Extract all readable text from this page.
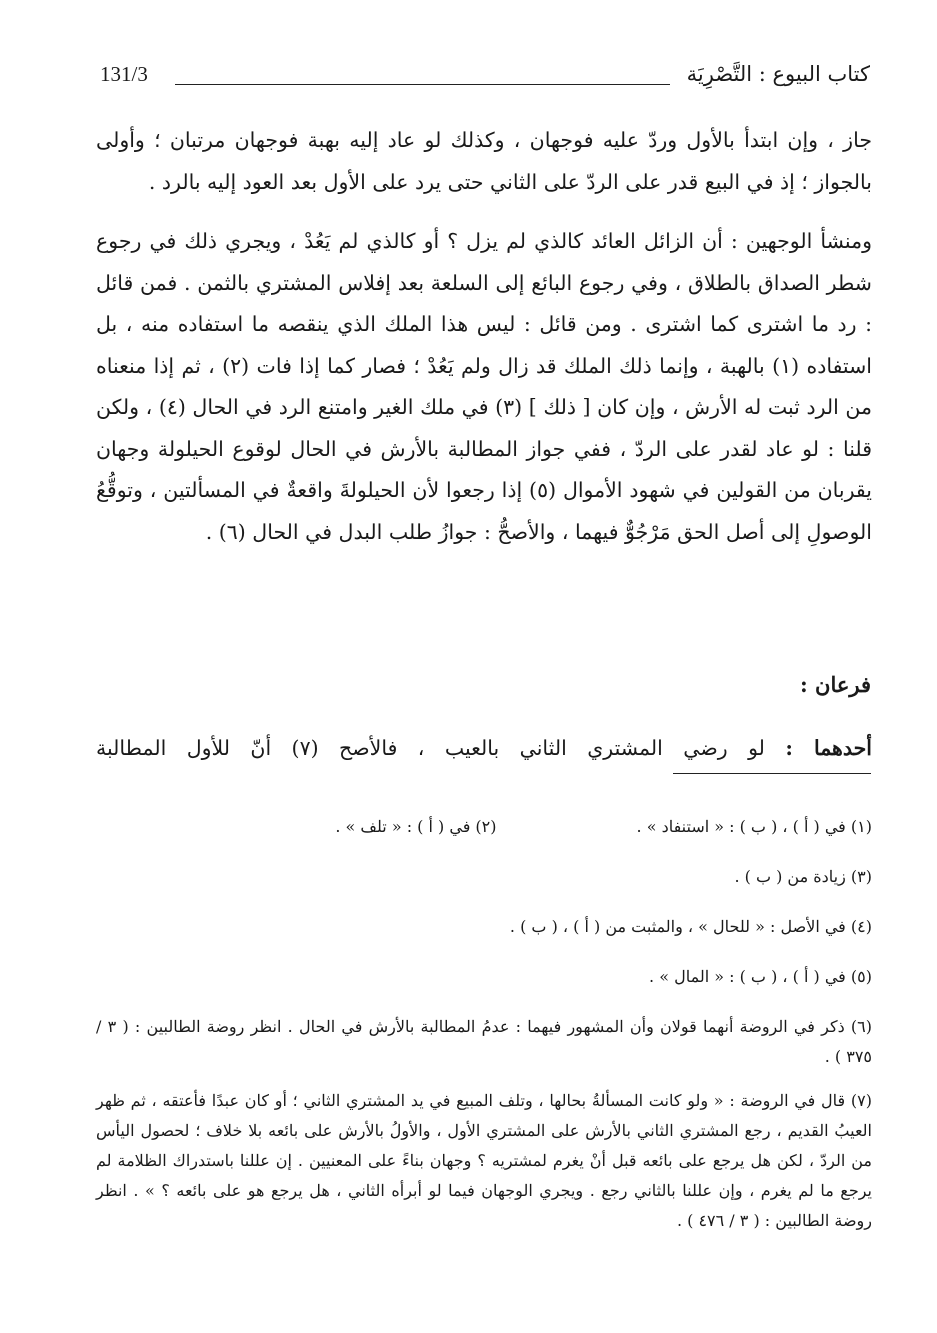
كتاب البيوع : التَّصْرِيَة
131/3

جاز ، وإن ابتدأ بالأول وردّ عليه فوجهان ، وكذلك لو عاد إليه بهبة فوجهان مرتبان ؛ وأولى بالجواز ؛ إذ في البيع قدر على الردّ على الثاني حتى يرد على الأول بعد العود إليه بالرد .

ومنشأ الوجهين : أن الزائل العائد كالذي لم يزل ؟ أو كالذي لم يَعُدْ ، ويجري ذلك في رجوع شطر الصداق بالطلاق ، وفي رجوع البائع إلى السلعة بعد إفلاس المشتري بالثمن . فمن قائل : رد ما اشترى كما اشترى . ومن قائل : ليس هذا الملك الذي ينقصه ما استفاده منه ، بل استفاده (١) بالهبة ، وإنما ذلك الملك قد زال ولم يَعُدْ ؛ فصار كما إذا فات (٢) ، ثم إذا منعناه من الرد ثبت له الأرش ، وإن كان [ ذلك ] (٣) في ملك الغير وامتنع الرد في الحال (٤) ، ولكن قلنا : لو عاد لقدر على الردّ ، ففي جواز المطالبة بالأرش في الحال لوقوع الحيلولة وجهان يقربان من القولين في شهود الأموال (٥) إذا رجعوا لأن الحيلولةَ واقعةٌ في المسألتين ، وتوقُّعُ الوصولِ إلى أصل الحق مَرْجُوٌّ فيهما ، والأصحُّ : جوازُ طلب البدل في الحال (٦) .

فرعان :
أحدهما : لو رضي المشتري الثاني بالعيب ، فالأصح (٧) أنّ للأول المطالبة
(١) في ( أ ) ، ( ب ) : « استنفاد » .
(٢) في ( أ ) : « تلف » .
(٣) زيادة من ( ب ) .
(٤) في الأصل : « للحال » ، والمثبت من ( أ ) ، ( ب ) .
(٥) في ( أ ) ، ( ب ) : « المال » .
(٦) ذكر في الروضة أنهما قولان وأن المشهور فيهما : عدمُ المطالبة بالأرش في الحال . انظر روضة الطالبين : ( ٣ / ٣٧٥ ) .
(٧) قال في الروضة : « ولو كانت المسألةُ بحالها ، وتلف المبيع في يد المشتري الثاني ؛ أو كان عبدًا فأعتقه ، ثم ظهر العيبُ القديم ، رجع المشتري الثاني بالأرش على المشتري الأول ، والأولُ بالأرش على بائعه بلا خلاف ؛ لحصول اليأس من الردّ ، لكن هل يرجع على بائعه قبل أنْ يغرم لمشتريه ؟ وجهان بناءً على المعنيين . إن عللنا باستدراك الظلامة لم يرجع ما لم يغرم ، وإن عللنا بالثاني رجع . ويجري الوجهان فيما لو أبرأه الثاني ، هل يرجع هو على بائعه ؟ » . انظر روضة الطالبين : ( ٣ / ٤٧٦ ) .
